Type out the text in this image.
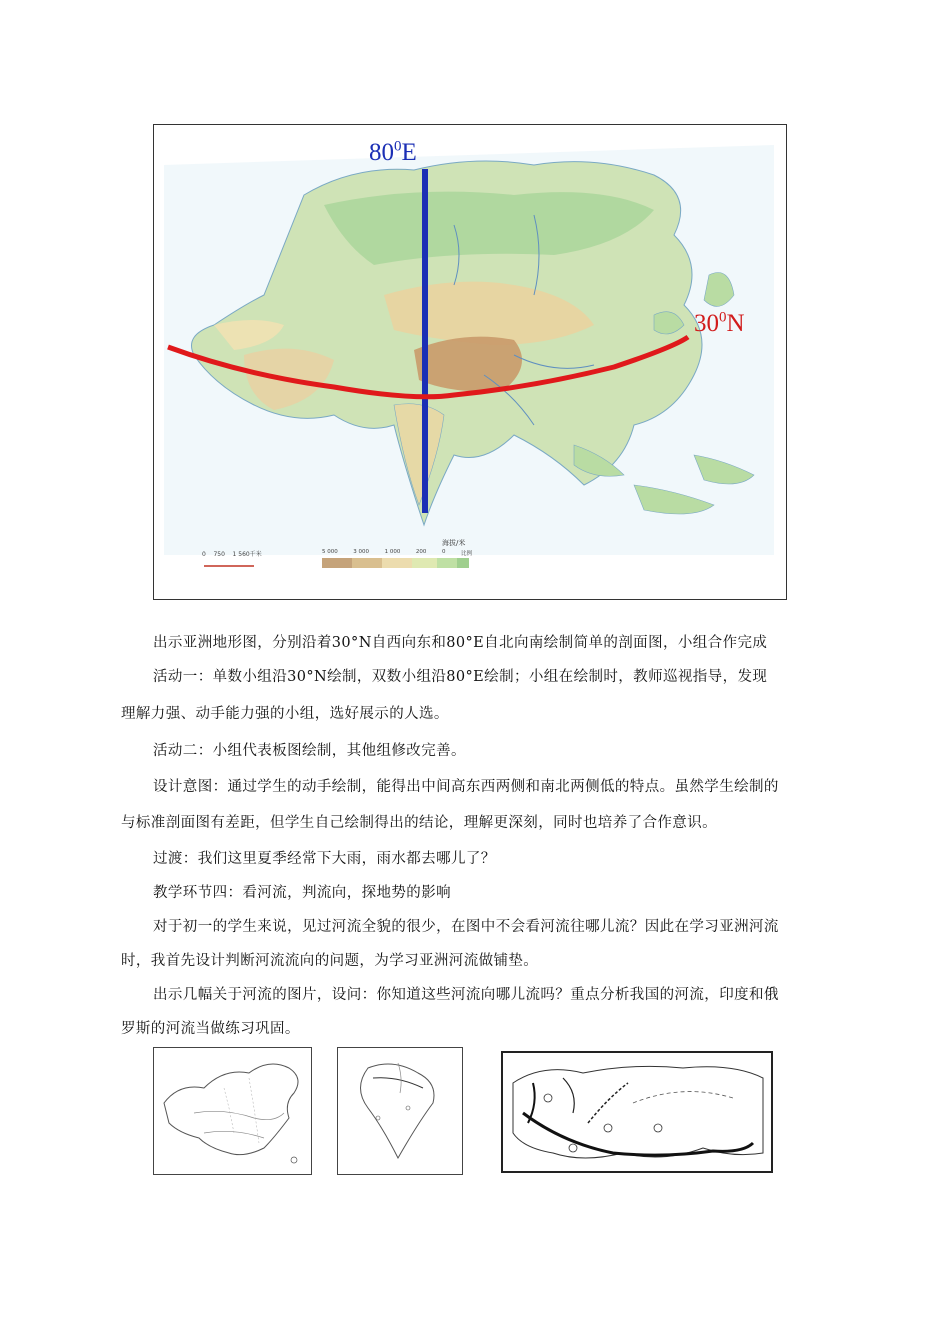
$80^0E$
$30^0N$
海拔/米
0    750    1 560千米	5 000	3 000	1 000	200	0	比例
出示亚洲地形图，分别沿着30°N自西向东和80°E自北向南绘制简单的剖面图，小组合作完成
活动一：单数小组沿30°N绘制，双数小组沿80°E绘制；小组在绘制时，教师巡视指导，发现
理解力强、动手能力强的小组，选好展示的人选。
活动二：小组代表板图绘制，其他组修改完善。
设计意图：通过学生的动手绘制，能得出中间高东西两侧和南北两侧低的特点。虽然学生绘制的
与标准剖面图有差距，但学生自己绘制得出的结论，理解更深刻，同时也培养了合作意识。
过渡：我们这里夏季经常下大雨，雨水都去哪儿了？
教学环节四：看河流，判流向，探地势的影响
对于初一的学生来说，见过河流全貌的很少，在图中不会看河流往哪儿流？因此在学习亚洲河流
时，我首先设计判断河流流向的问题，为学习亚洲河流做铺垫。
出示几幅关于河流的图片，设问：你知道这些河流向哪儿流吗？重点分析我国的河流，印度和俄
罗斯的河流当做练习巩固。
